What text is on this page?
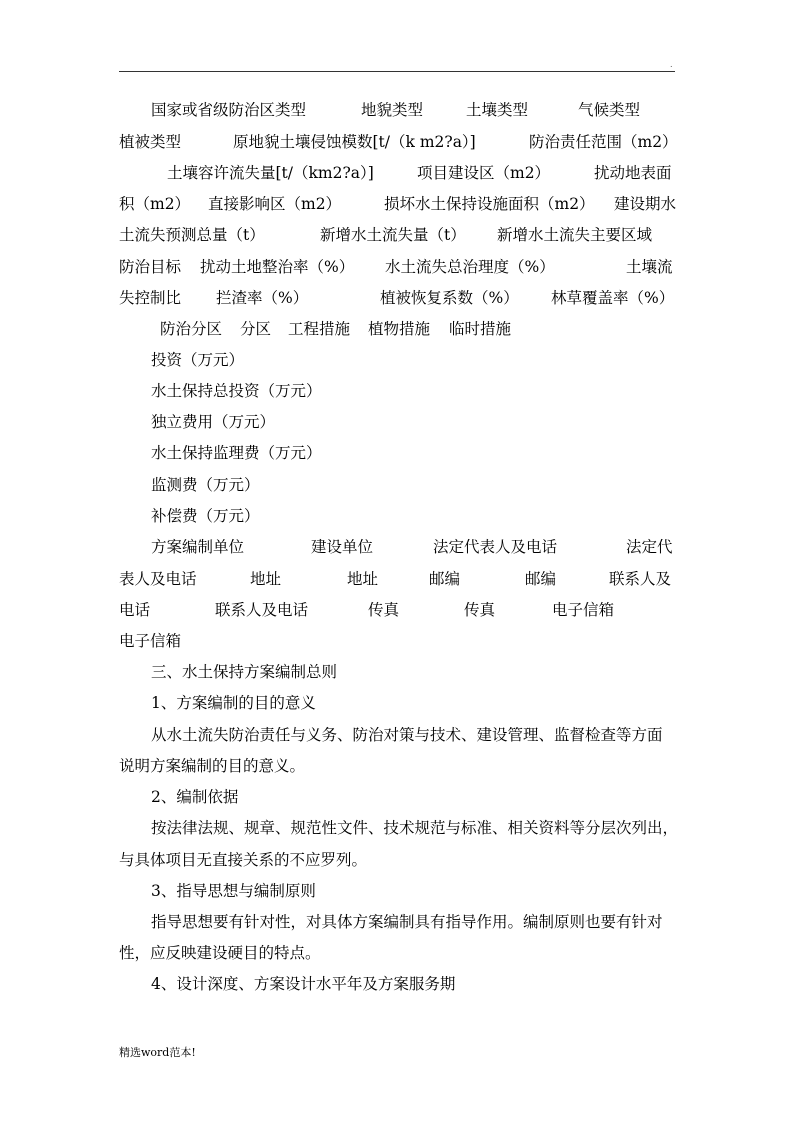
.
国家或省级防治区类型	地貌类型	土壤类型	气候类型
植被类型	原地貌土壤侵蚀模数[t/（k m2?a）]	防治责任范围（m2）
土壤容许流失量[t/（km2?a）]	项目建设区（m2）	扰动地表面
积（m2） 直接影响区（m2）	损坏水土保持设施面积（m2） 建设期水
土流失预测总量（t）	新增水土流失量（t） 新增水土流失主要区域
防治目标 扰动土地整治率（%） 水土流失总治理度（%）	土壤流
失控制比 拦渣率（%）	植被恢复系数（%） 林草覆盖率（%）
防治分区 分区 工程措施 植物措施 临时措施
投资（万元）
水土保持总投资（万元）
独立费用（万元）
水土保持监理费（万元）
监测费（万元）
补偿费（万元）
方案编制单位	建设单位	法定代表人及电话	法定代
表人及电话	地址	地址	邮编	邮编	联系人及
电话	联系人及电话	传真	传真	电子信箱
电子信箱
三、水土保持方案编制总则
1、方案编制的目的意义
从水土流失防治责任与义务、防治对策与技术、建设管理、监督检查等方面
说明方案编制的目的意义。
2、编制依据
按法律法规、规章、规范性文件、技术规范与标准、相关资料等分层次列出，
与具体项目无直接关系的不应罗列。
3、指导思想与编制原则
指导思想要有针对性，对具体方案编制具有指导作用。编制原则也要有针对
性，应反映建设硬目的特点。
4、设计深度、方案设计水平年及方案服务期
精选word范本!
